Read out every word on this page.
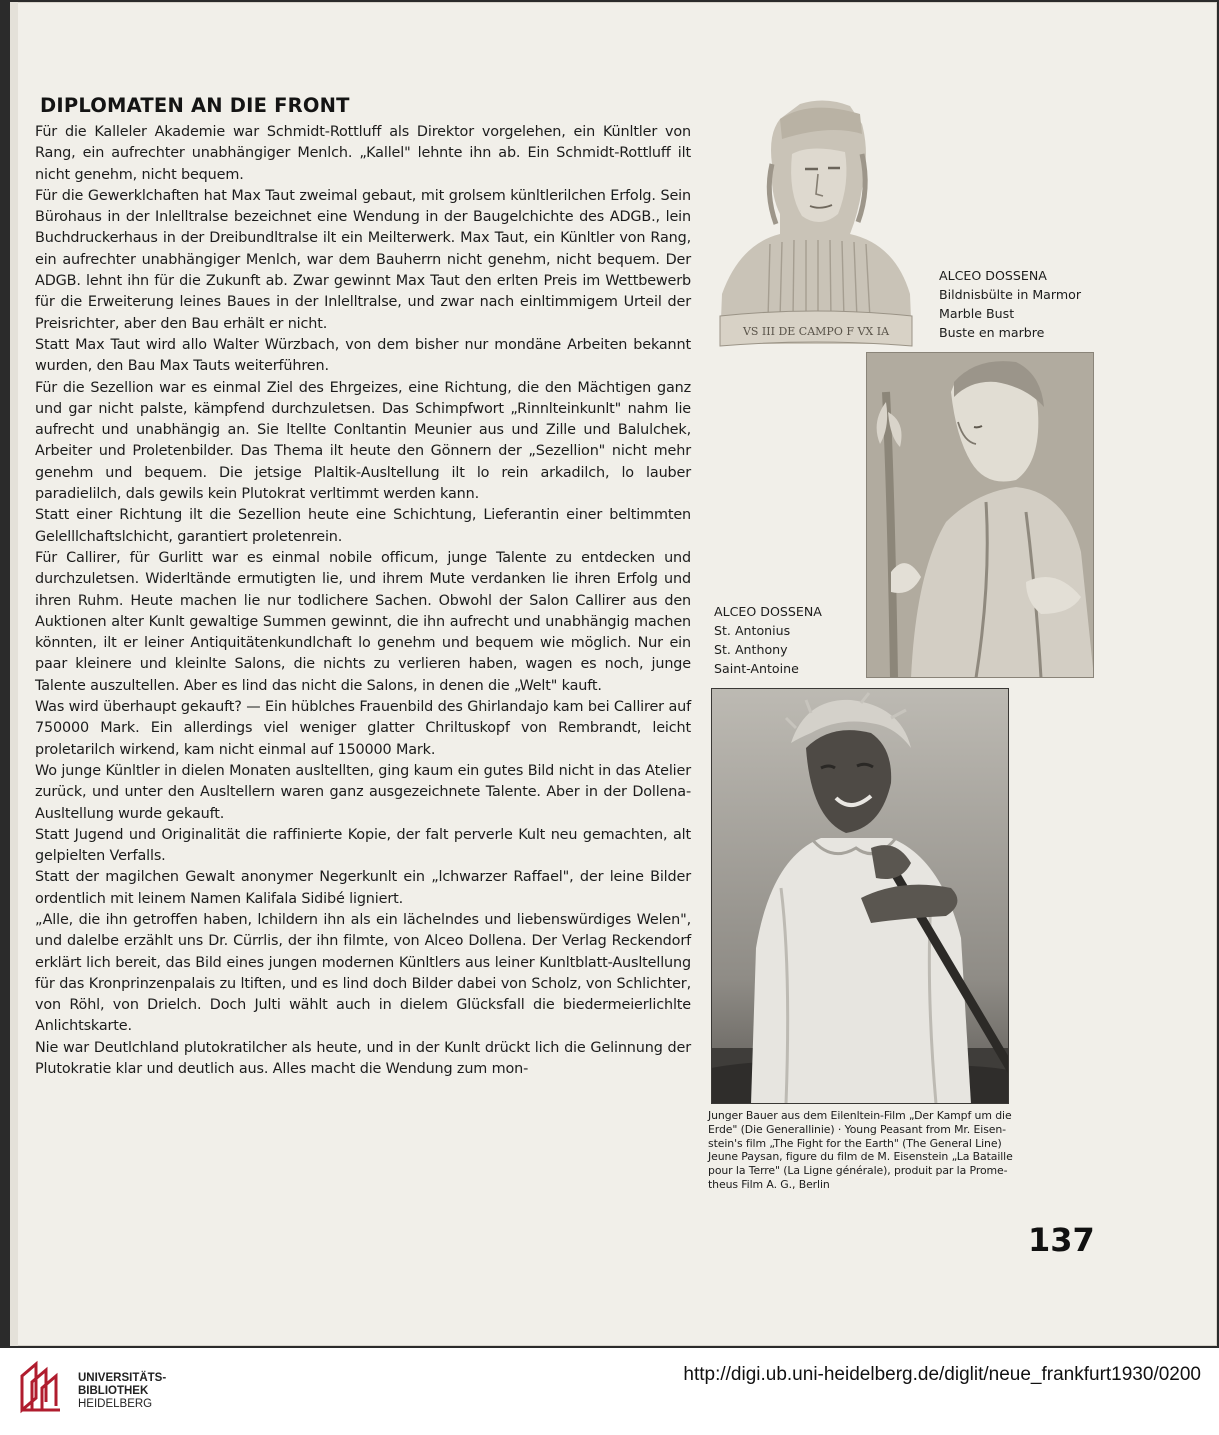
DIPLOMATEN AN DIE FRONT

Für die Kalleler Akademie war Schmidt-Rottluff als Direktor vorgelehen, ein Künltler von Rang, ein aufrechter unabhängiger Menlch. „Kallel" lehnte ihn ab. Ein Schmidt-Rottluff ilt nicht genehm, nicht bequem.

Für die Gewerklchaften hat Max Taut zweimal gebaut, mit grolsem künltlerilchen Erfolg. Sein Bürohaus in der Inlelltralse bezeichnet eine Wendung in der Baugelchichte des ADGB., lein Buchdruckerhaus in der Dreibundltralse ilt ein Meilterwerk. Max Taut, ein Künltler von Rang, ein aufrechter unabhängiger Menlch, war dem Bauherrn nicht genehm, nicht bequem. Der ADGB. lehnt ihn für die Zukunft ab. Zwar gewinnt Max Taut den erlten Preis im Wettbewerb für die Erweiterung leines Baues in der Inlelltralse, und zwar nach einltimmigem Urteil der Preisrichter, aber den Bau erhält er nicht.

Statt Max Taut wird allo Walter Würzbach, von dem bisher nur mondäne Arbeiten bekannt wurden, den Bau Max Tauts weiterführen.

Für die Sezellion war es einmal Ziel des Ehrgeizes, eine Richtung, die den Mächtigen ganz und gar nicht palste, kämpfend durchzuletsen. Das Schimpfwort „Rinnlteinkunlt" nahm lie aufrecht und unabhängig an. Sie ltellte Conltantin Meunier aus und Zille und Balulchek, Arbeiter und Proletenbilder. Das Thema ilt heute den Gönnern der „Sezellion" nicht mehr genehm und bequem. Die jetsige Plaltik-Ausltellung ilt lo rein arkadilch, lo lauber paradielilch, dals gewils kein Plutokrat verltimmt werden kann.

Statt einer Richtung ilt die Sezellion heute eine Schichtung, Lieferantin einer beltimmten Gelelllchaftslchicht, garantiert proletenrein.

Für Callirer, für Gurlitt war es einmal nobile officum, junge Talente zu entdecken und durchzuletsen. Widerltände ermutigten lie, und ihrem Mute verdanken lie ihren Erfolg und ihren Ruhm. Heute machen lie nur todlichere Sachen. Obwohl der Salon Callirer aus den Auktionen alter Kunlt gewaltige Summen gewinnt, die ihn aufrecht und unabhängig machen könnten, ilt er leiner Antiquitätenkundlchaft lo genehm und bequem wie möglich. Nur ein paar kleinere und kleinlte Salons, die nichts zu verlieren haben, wagen es noch, junge Talente auszultellen. Aber es lind das nicht die Salons, in denen die „Welt" kauft.

Was wird überhaupt gekauft? — Ein hüblches Frauenbild des Ghirlandajo kam bei Callirer auf 750000 Mark. Ein allerdings viel weniger glatter Chriltuskopf von Rembrandt, leicht proletarilch wirkend, kam nicht einmal auf 150000 Mark.

Wo junge Künltler in dielen Monaten ausltellten, ging kaum ein gutes Bild nicht in das Atelier zurück, und unter den Ausltellern waren ganz ausgezeichnete Talente. Aber in der Dollena-Ausltellung wurde gekauft.

Statt Jugend und Originalität die raffinierte Kopie, der falt perverle Kult neu gemachten, alt gelpielten Verfalls.

Statt der magilchen Gewalt anonymer Negerkunlt ein „lchwarzer Raffael", der leine Bilder ordentlich mit leinem Namen Kalifala Sidibé ligniert.

„Alle, die ihn getroffen haben, lchildern ihn als ein lächelndes und liebenswürdiges Welen", und dalelbe erzählt uns Dr. Cürrlis, der ihn filmte, von Alceo Dollena. Der Verlag Reckendorf erklärt lich bereit, das Bild eines jungen modernen Künltlers aus leiner Kunltblatt-Ausltellung für das Kronprinzenpalais zu ltiften, und es lind doch Bilder dabei von Scholz, von Schlichter, von Röhl, von Drielch. Doch Julti wählt auch in dielem Glücksfall die biedermeierlichlte Anlichtskarte.

Nie war Deutlchland plutokratilcher als heute, und in der Kunlt drückt lich die Gelinnung der Plutokratie klar und deutlich aus. Alles macht die Wendung zum mon-

VS III DE CAMPO F VX IA
ALCEO DOSSENA
Bildnisbülte in Marmor
Marble Bust
Buste en marbre
ALCEO DOSSENA
St. Antonius
St. Anthony
Saint-Antoine
Junger Bauer aus dem Eilenltein-Film „Der Kampf um die
Erde" (Die Generallinie) · Young Peasant from Mr. Eisen-
stein's film „The Fight for the Earth" (The General Line)
Jeune Paysan, figure du film de M. Eisenstein „La Bataille
pour la Terre" (La Ligne générale), produit par la Prome-
theus Film A. G., Berlin
137
UNIVERSITÄTS-
BIBLIOTHEK
HEIDELBERG
http://digi.ub.uni-heidelberg.de/diglit/neue_frankfurt1930/0200
